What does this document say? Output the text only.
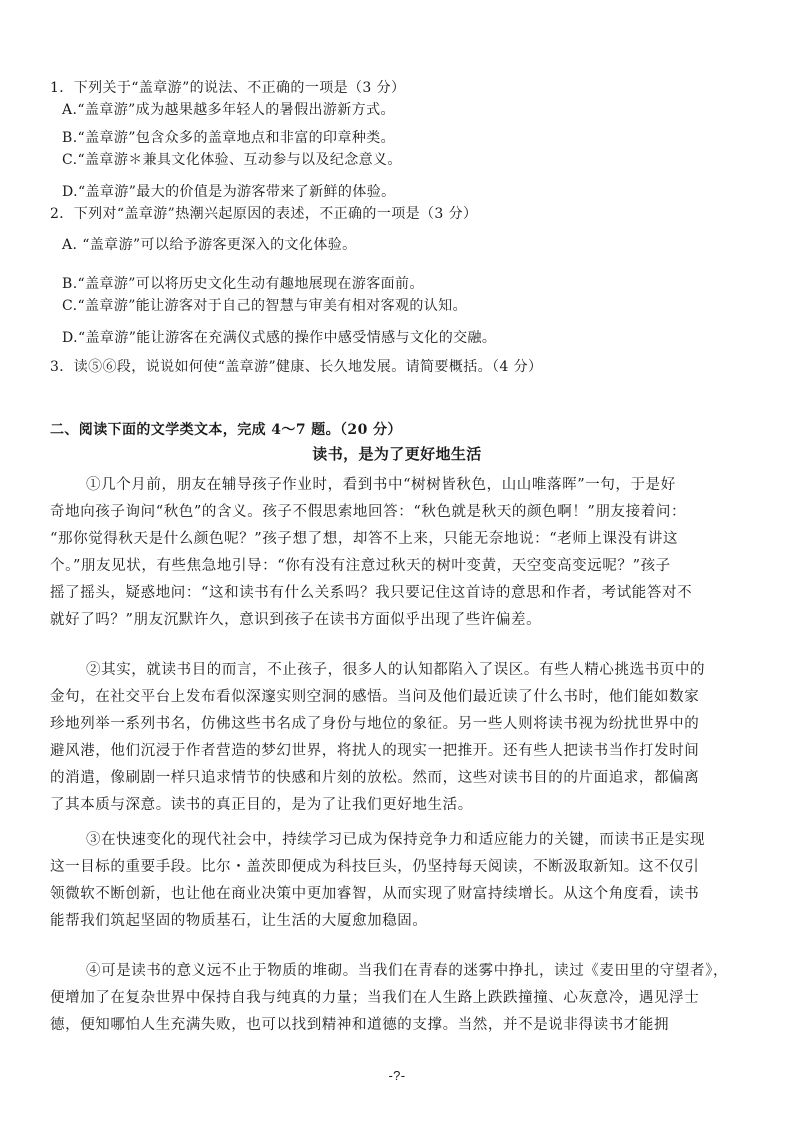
1．下列关于“盖章游”的说法、不正确的一项是（3 分）
A.“盖章游”成为越果越多年轻人的暑假出游新方式。
B.“盖章游”包含众多的盖章地点和非富的印章种类。
C.“盖章游＊兼具文化体验、互动参与以及纪念意义。
D.“盖章游”最大的价值是为游客带来了新鲜的体验。
2．下列对“盖章游”热潮兴起原因的表述，不正确的一项是（3 分）
A. “盖章游”可以给予游客更深入的文化体验。
B.“盖章游”可以将历史文化生动有趣地展现在游客面前。
C.“盖章游”能让游客对于自己的智慧与审美有相对客观的认知。
D.“盖章游”能让游客在充满仪式感的操作中感受情感与文化的交融。
3．读⑤⑥段，说说如何使“盖章游”健康、长久地发展。请简要概括。（4 分）
二、阅读下面的文学类文本，完成 4～7 题。（20 分）
读书，是为了更好地生活
①几个月前，朋友在辅导孩子作业时，看到书中“树树皆秋色，山山唯落晖”一句，于是好
奇地向孩子询问“秋色”的含义。孩子不假思索地回答：“秋色就是秋天的颜色啊！”朋友接着问：
“那你觉得秋天是什么颜色呢？”孩子想了想，却答不上来，只能无奈地说：“老师上课没有讲这
个。”朋友见状，有些焦急地引导：“你有没有注意过秋天的树叶变黄，天空变高变远呢？”孩子
摇了摇头，疑惑地问：“这和读书有什么关系吗？我只要记住这首诗的意思和作者，考试能答对不
就好了吗？”朋友沉默许久，意识到孩子在读书方面似乎出现了些许偏差。
②其实，就读书目的而言，不止孩子，很多人的认知都陷入了误区。有些人精心挑选书页中的
金句，在社交平台上发布看似深邃实则空洞的感悟。当问及他们最近读了什么书时，他们能如数家
珍地列举一系列书名，仿佛这些书名成了身份与地位的象征。另一些人则将读书视为纷扰世界中的
避风港，他们沉浸于作者营造的梦幻世界，将扰人的现实一把推开。还有些人把读书当作打发时间
的消遣，像刷剧一样只追求情节的快感和片刻的放松。然而，这些对读书目的的片面追求，都偏离
了其本质与深意。读书的真正目的，是为了让我们更好地生活。
③在快速变化的现代社会中，持续学习已成为保持竞争力和适应能力的关键，而读书正是实现
这一目标的重要手段。比尔・盖茨即便成为科技巨头，仍坚持每天阅读，不断汲取新知。这不仅引
领微软不断创新，也让他在商业决策中更加睿智，从而实现了财富持续增长。从这个角度看，读书
能帮我们筑起坚固的物质基石，让生活的大厦愈加稳固。
④可是读书的意义远不止于物质的堆砌。当我们在青春的迷雾中挣扎，读过《麦田里的守望者》，
便增加了在复杂世界中保持自我与纯真的力量；当我们在人生路上跌跌撞撞、心灰意冷，遇见浮士
德，便知哪怕人生充满失败，也可以找到精神和道德的支撑。当然，并不是说非得读书才能拥
-?-
